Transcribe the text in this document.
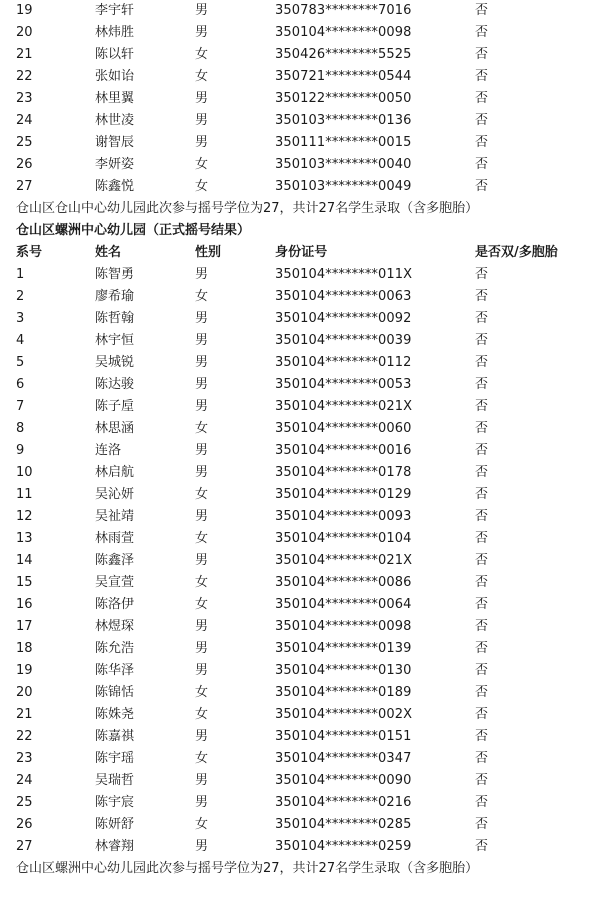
19	李宇轩	男	350783********7016	否
20	林炜胜	男	350104********0098	否
21	陈以轩	女	350426********5525	否
22	张如诒	女	350721********0544	否
23	林里翼	男	350122********0050	否
24	林世凌	男	350103********0136	否
25	谢智辰	男	350111********0015	否
26	李妍姿	女	350103********0040	否
27	陈鑫悦	女	350103********0049	否
仓山区仓山中心幼儿园此次参与摇号学位为27，共计27名学生录取（含多胞胎）
仓山区螺洲中心幼儿园（正式摇号结果）
系号	姓名	性别	身份证号	是否双/多胞胎
1	陈智勇	男	350104********011X	否
2	廖希瑜	女	350104********0063	否
3	陈哲翰	男	350104********0092	否
4	林宇恒	男	350104********0039	否
5	吴城锐	男	350104********0112	否
6	陈达骏	男	350104********0053	否
7	陈子垕	男	350104********021X	否
8	林思涵	女	350104********0060	否
9	连洛	男	350104********0016	否
10	林启航	男	350104********0178	否
11	吴沁妍	女	350104********0129	否
12	吴祉靖	男	350104********0093	否
13	林雨萱	女	350104********0104	否
14	陈鑫泽	男	350104********021X	否
15	吴宣萱	女	350104********0086	否
16	陈洛伊	女	350104********0064	否
17	林煜琛	男	350104********0098	否
18	陈允浩	男	350104********0139	否
19	陈华泽	男	350104********0130	否
20	陈锦恬	女	350104********0189	否
21	陈姝尧	女	350104********002X	否
22	陈嘉祺	男	350104********0151	否
23	陈宇瑶	女	350104********0347	否
24	吴瑞哲	男	350104********0090	否
25	陈宇宸	男	350104********0216	否
26	陈妍舒	女	350104********0285	否
27	林睿翔	男	350104********0259	否
仓山区螺洲中心幼儿园此次参与摇号学位为27，共计27名学生录取（含多胞胎）
